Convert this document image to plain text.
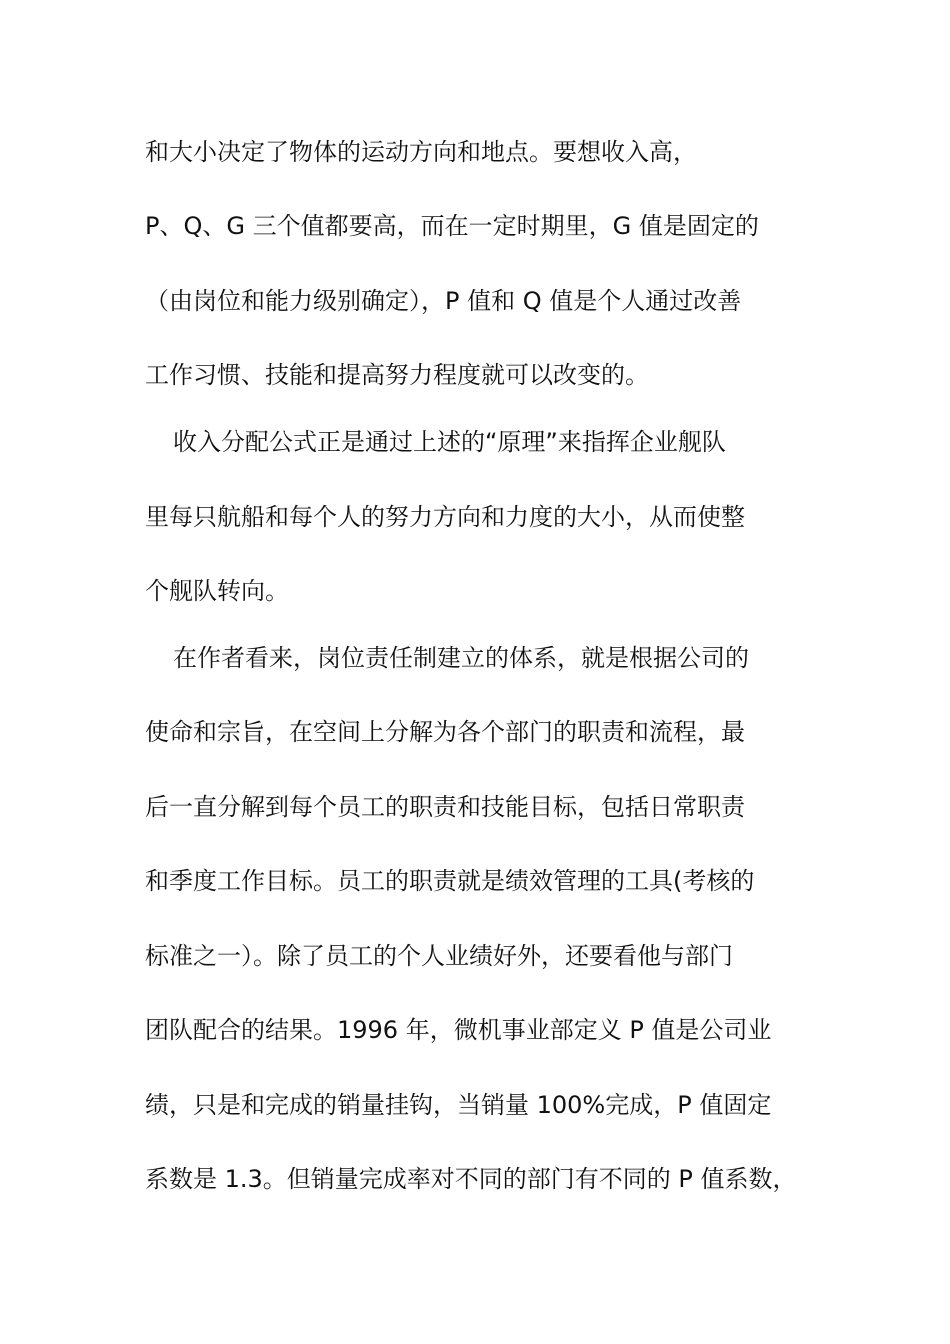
和大小决定了物体的运动方向和地点。要想收入高，
P、Q、G 三个值都要高，而在一定时期里，G 值是固定的
（由岗位和能力级别确定），P 值和 Q 值是个人通过改善
工作习惯、技能和提高努力程度就可以改变的。
收入分配公式正是通过上述的“原理”来指挥企业舰队
里每只航船和每个人的努力方向和力度的大小，从而使整
个舰队转向。
在作者看来，岗位责任制建立的体系，就是根据公司的
使命和宗旨，在空间上分解为各个部门的职责和流程，最
后一直分解到每个员工的职责和技能目标，包括日常职责
和季度工作目标。员工的职责就是绩效管理的工具(考核的
标准之一）。除了员工的个人业绩好外，还要看他与部门
团队配合的结果。1996 年，微机事业部定义 P 值是公司业
绩，只是和完成的销量挂钩，当销量 100%完成，P 值固定
系数是 1.3。但销量完成率对不同的部门有不同的 P 值系数，
